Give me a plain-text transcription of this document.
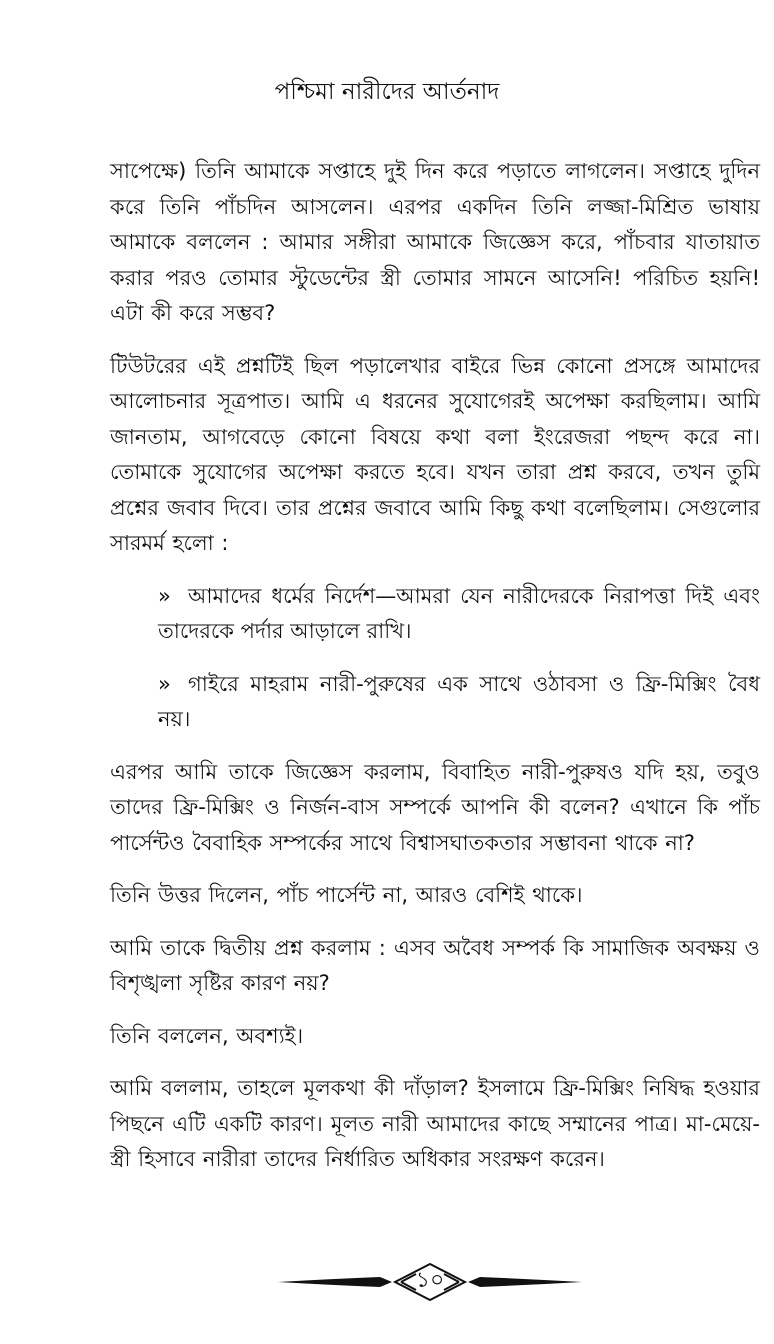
পশ্চিমা নারীদের আর্তনাদ

সাপেক্ষে) তিনি আমাকে সপ্তাহে দুই দিন করে পড়াতে লাগলেন। সপ্তাহে দুদিন করে তিনি পাঁচদিন আসলেন। এরপর একদিন তিনি লজ্জা-মিশ্রিত ভাষায় আমাকে বললেন : আমার সঙ্গীরা আমাকে জিজ্ঞেস করে, পাঁচবার যাতায়াত করার পরও তোমার স্টুডেন্টের স্ত্রী তোমার সামনে আসেনি! পরিচিত হয়নি! এটা কী করে সম্ভব?

টিউটরের এই প্রশ্নটিই ছিল পড়ালেখার বাইরে ভিন্ন কোনো প্রসঙ্গে আমাদের আলোচনার সূত্রপাত। আমি এ ধরনের সুযোগেরই অপেক্ষা করছিলাম। আমি জানতাম, আগবেড়ে কোনো বিষয়ে কথা বলা ইংরেজরা পছন্দ করে না। তোমাকে সুযোগের অপেক্ষা করতে হবে। যখন তারা প্রশ্ন করবে, তখন তুমি প্রশ্নের জবাব দিবে। তার প্রশ্নের জবাবে আমি কিছু কথা বলেছিলাম। সেগুলোর সারমর্ম হলো :

» আমাদের ধর্মের নির্দেশ—আমরা যেন নারীদেরকে নিরাপত্তা দিই এবং তাদেরকে পর্দার আড়ালে রাখি।
» গাইরে মাহরাম নারী-পুরুষের এক সাথে ওঠাবসা ও ফ্রি-মিক্সিং বৈধ নয়।

এরপর আমি তাকে জিজ্ঞেস করলাম, বিবাহিত নারী-পুরুষও যদি হয়, তবুও তাদের ফ্রি-মিক্সিং ও নির্জন-বাস সম্পর্কে আপনি কী বলেন? এখানে কি পাঁচ পার্সেন্টও বৈবাহিক সম্পর্কের সাথে বিশ্বাসঘাতকতার সম্ভাবনা থাকে না?

তিনি উত্তর দিলেন, পাঁচ পার্সেন্ট না, আরও বেশিই থাকে।

আমি তাকে দ্বিতীয় প্রশ্ন করলাম : এসব অবৈধ সম্পর্ক কি সামাজিক অবক্ষয় ও বিশৃঙ্খলা সৃষ্টির কারণ নয়?

তিনি বললেন, অবশ্যই।

আমি বললাম, তাহলে মূলকথা কী দাঁড়াল? ইসলামে ফ্রি-মিক্সিং নিষিদ্ধ হওয়ার পিছনে এটি একটি কারণ। মূলত নারী আমাদের কাছে সম্মানের পাত্র। মা-মেয়ে-স্ত্রী হিসাবে নারীরা তাদের নির্ধারিত অধিকার সংরক্ষণ করেন।

১০
